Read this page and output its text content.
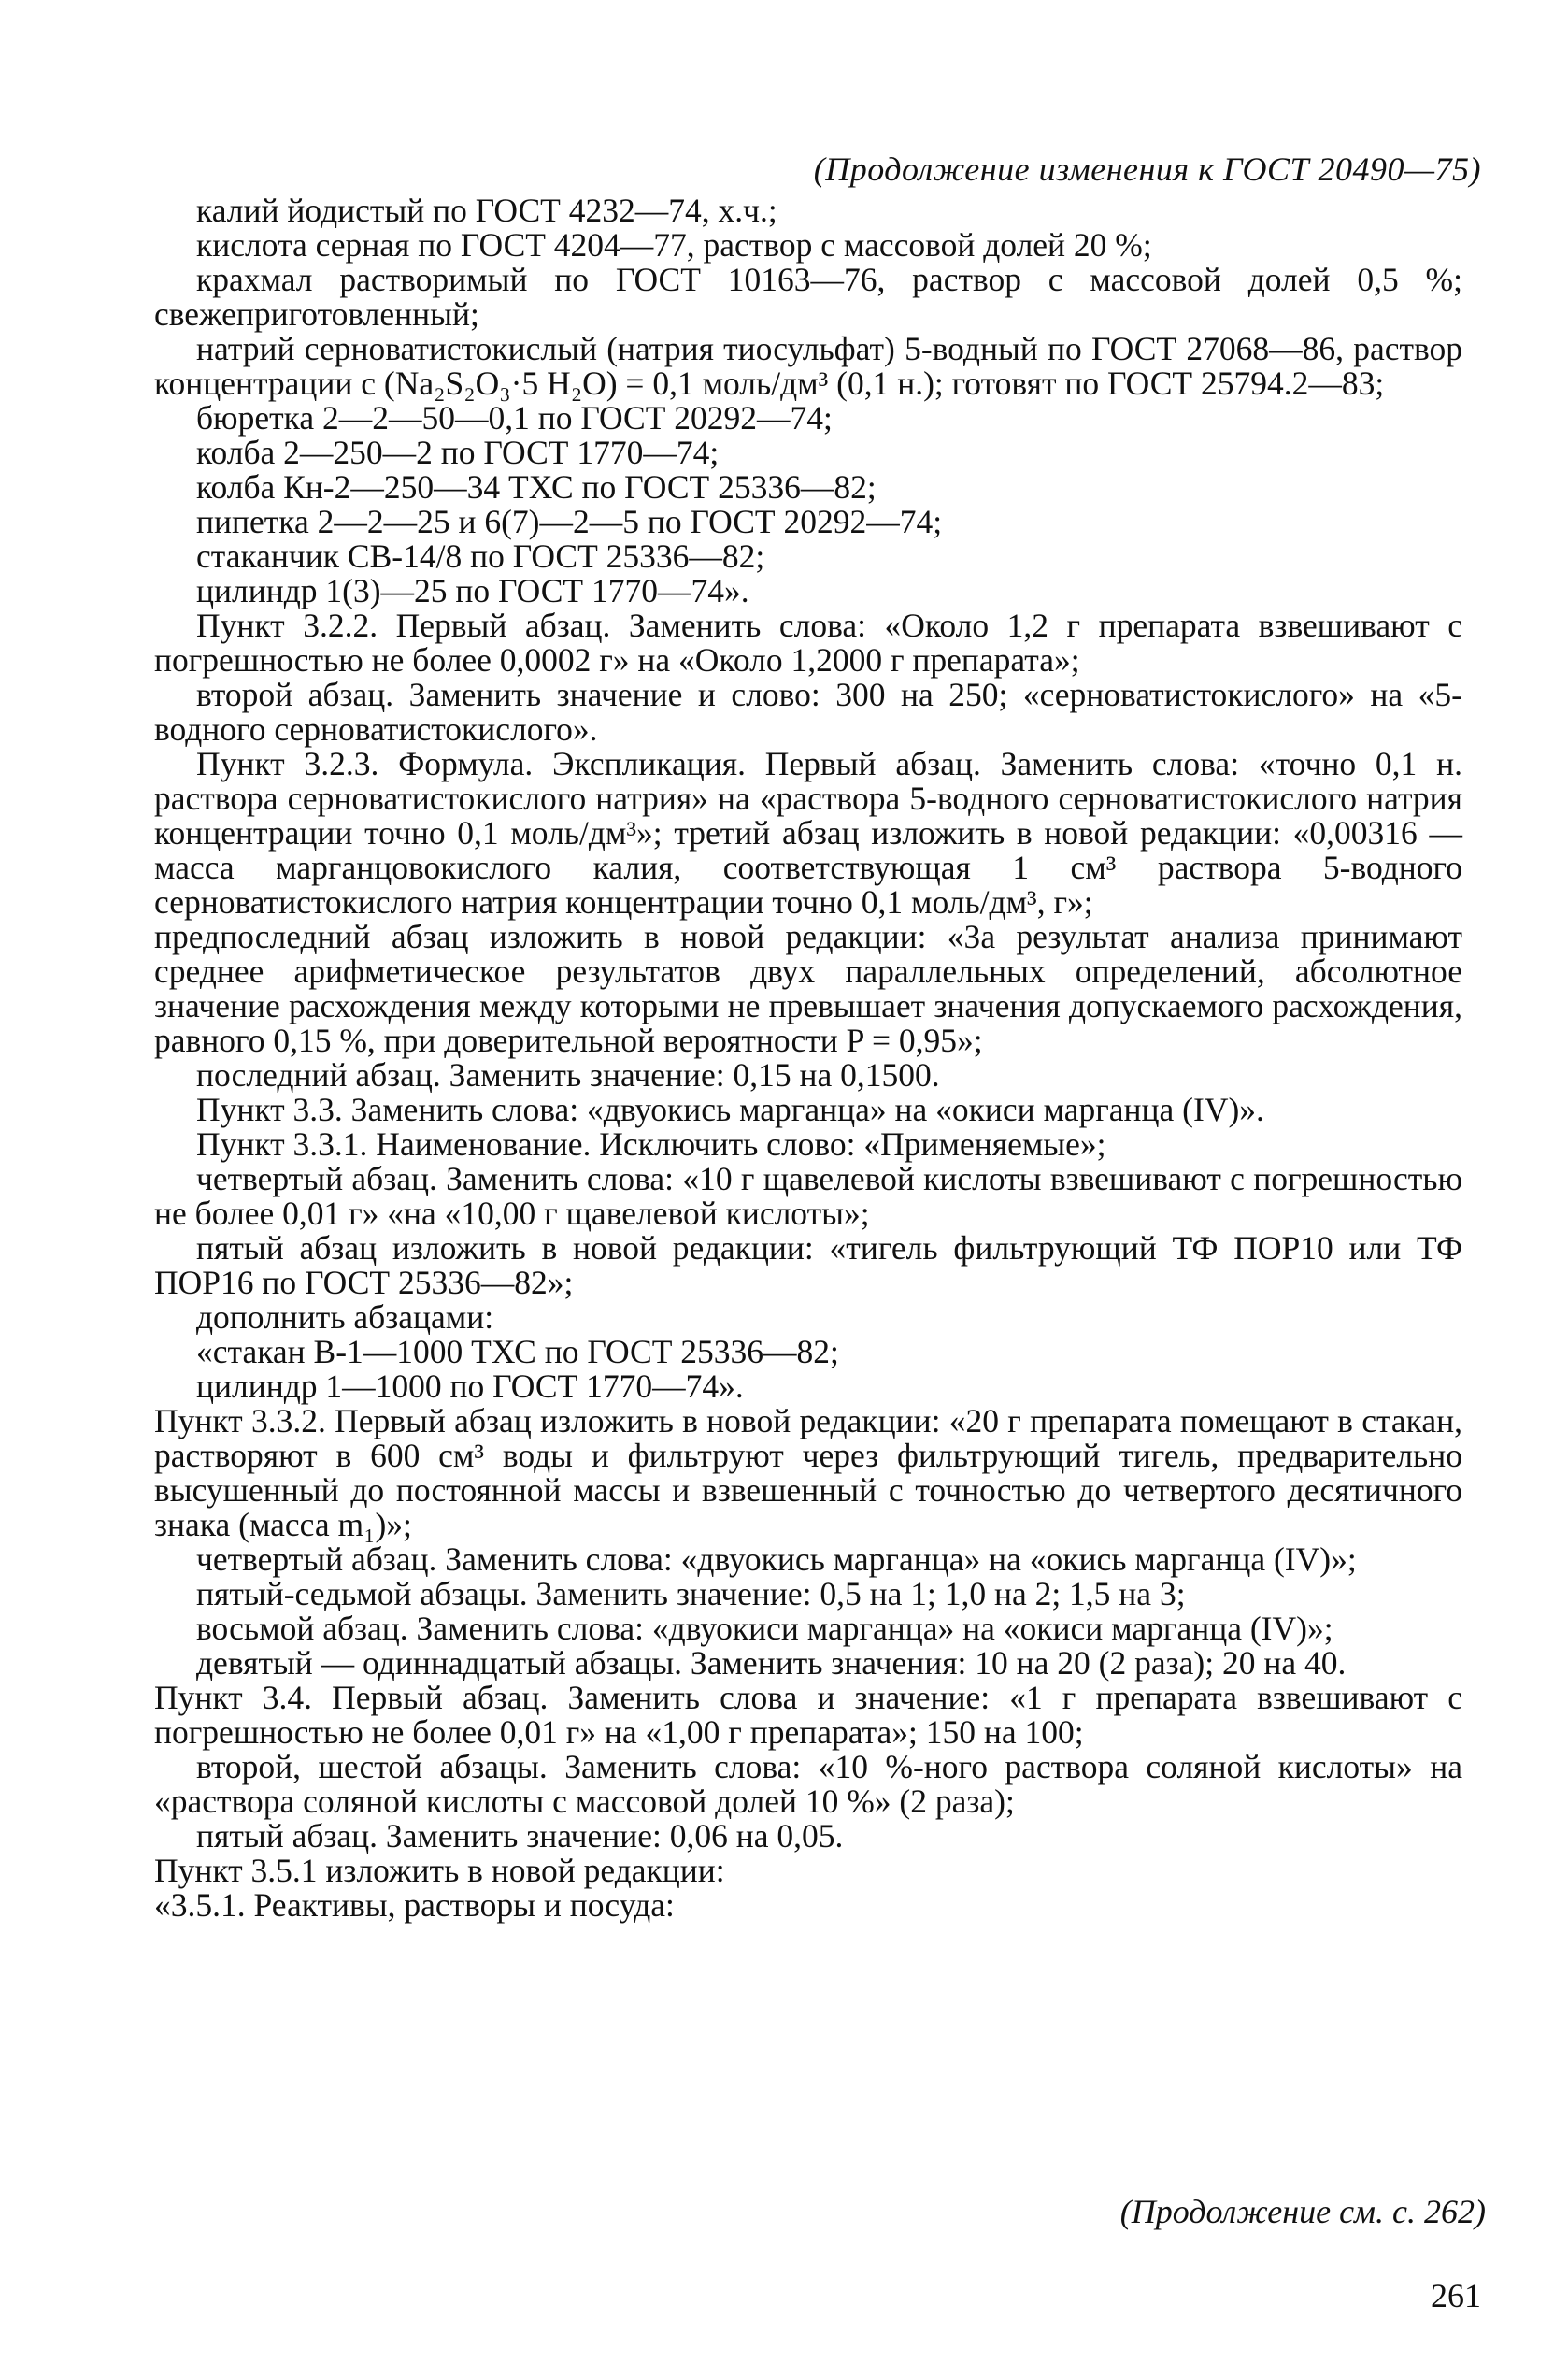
(Продолжение изменения к ГОСТ 20490—75)

калий йодистый по ГОСТ 4232—74, х.ч.;

кислота серная по ГОСТ 4204—77, раствор с массовой долей 20 %;

крахмал растворимый по ГОСТ 10163—76, раствор с массовой долей 0,5 %; свежеприготовленный;

натрий серноватистокислый (натрия тиосульфат) 5-водный по ГОСТ 27068—86, раствор концентрации c (Na₂S₂O₃·5 H₂O) = 0,1 моль/дм³ (0,1 н.); готовят по ГОСТ 25794.2—83;

бюретка 2—2—50—0,1 по ГОСТ 20292—74;

колба 2—250—2 по ГОСТ 1770—74;

колба Кн-2—250—34 ТХС по ГОСТ 25336—82;

пипетка 2—2—25 и 6(7)—2—5 по ГОСТ 20292—74;

стаканчик СВ-14/8 по ГОСТ 25336—82;

цилиндр 1(3)—25 по ГОСТ 1770—74».

Пункт 3.2.2. Первый абзац. Заменить слова: «Около 1,2 г препарата взвешивают с погрешностью не более 0,0002 г» на «Около 1,2000 г препарата»;

второй абзац. Заменить значение и слово: 300 на 250; «серноватистокислого» на «5-водного серноватистокислого».

Пункт 3.2.3. Формула. Экспликация. Первый абзац. Заменить слова: «точно 0,1 н. раствора серноватистокислого натрия» на «раствора 5-водного серноватистокислого натрия концентрации точно 0,1 моль/дм³»; третий абзац изложить в новой редакции: «0,00316 — масса марганцовокислого калия, соответствующая 1 см³ раствора 5-водного серноватистокислого натрия концентрации точно 0,1 моль/дм³, г»;

предпоследний абзац изложить в новой редакции: «За результат анализа принимают среднее арифметическое результатов двух параллельных определений, абсолютное значение расхождения между которыми не превышает значения допускаемого расхождения, равного 0,15 %, при доверительной вероятности P = 0,95»;

последний абзац. Заменить значение: 0,15 на 0,1500.

Пункт 3.3. Заменить слова: «двуокись марганца» на «окиси марганца (IV)».

Пункт 3.3.1. Наименование. Исключить слово: «Применяемые»;

четвертый абзац. Заменить слова: «10 г щавелевой кислоты взвешивают с погрешностью не более 0,01 г» «на «10,00 г щавелевой кислоты»;

пятый абзац изложить в новой редакции: «тигель фильтрующий ТФ ПОР10 или ТФ ПОР16 по ГОСТ 25336—82»;

дополнить абзацами:

«стакан В-1—1000 ТХС по ГОСТ 25336—82;

цилиндр 1—1000 по ГОСТ 1770—74».

Пункт 3.3.2. Первый абзац изложить в новой редакции: «20 г препарата помещают в стакан, растворяют в 600 см³ воды и фильтруют через фильтрующий тигель, предварительно высушенный до постоянной массы и взвешенный с точностью до четвертого десятичного знака (масса m₁)»;

четвертый абзац. Заменить слова: «двуокись марганца» на «окись марганца (IV)»;

пятый-седьмой абзацы. Заменить значение: 0,5 на 1; 1,0 на 2; 1,5 на 3;

восьмой абзац. Заменить слова: «двуокиси марганца» на «окиси марганца (IV)»;

девятый — одиннадцатый абзацы. Заменить значения: 10 на 20 (2 раза); 20 на 40.

Пункт 3.4. Первый абзац. Заменить слова и значение: «1 г препарата взвешивают с погрешностью не более 0,01 г» на «1,00 г препарата»; 150 на 100;

второй, шестой абзацы. Заменить слова: «10 %-ного раствора соляной кислоты» на «раствора соляной кислоты с массовой долей 10 %» (2 раза);

пятый абзац. Заменить значение: 0,06 на 0,05.

Пункт 3.5.1 изложить в новой редакции:

«3.5.1. Реактивы, растворы и посуда:

(Продолжение см. с. 262)
261
